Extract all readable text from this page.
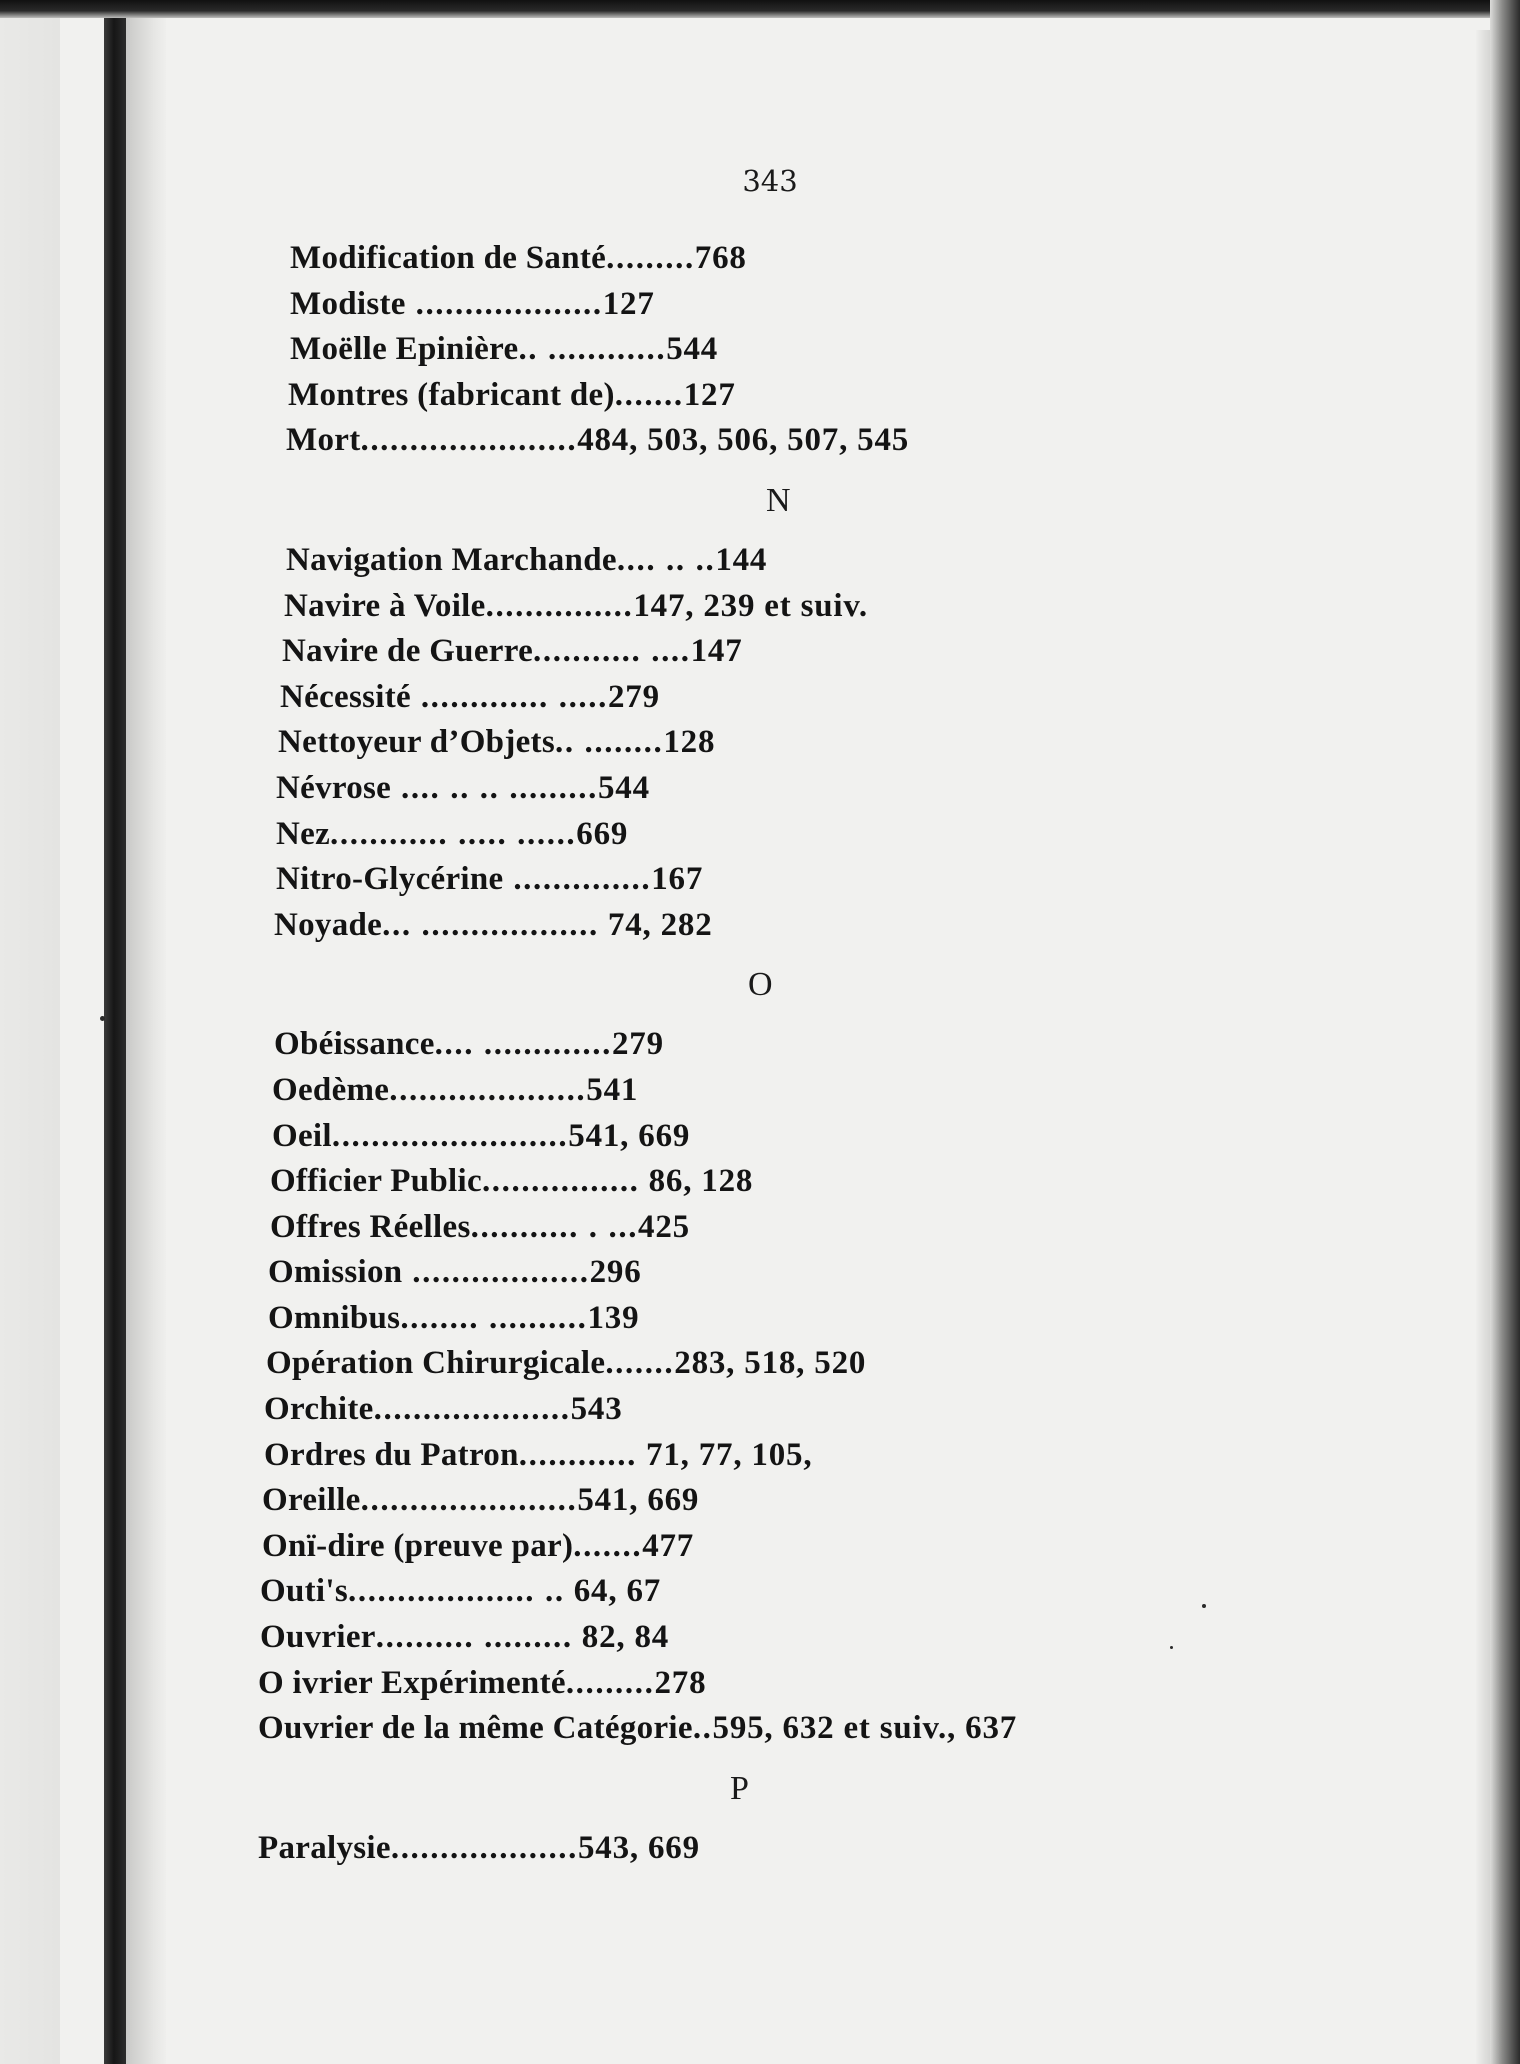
343
Modification de Santé.........768
Modiste ...................127
Moëlle Epinière.. ............544
Montres (fabricant de).......127
Mort......................484, 503, 506, 507, 545
N
Navigation Marchande.... .. ..144
Navire à Voile...............147, 239 et suiv.
Navire de Guerre........... ....147
Nécessité ............. .....279
Nettoyeur d’Objets.. ........128
Névrose .... .. .. .........544
Nez............ ..... ......669
Nitro-Glycérine ..............167
Noyade... .................. 74, 282
O
Obéissance.... .............279
Oedème....................541
Oeil........................541, 669
Officier Public................ 86, 128
Offres Réelles........... . ...425
Omission ..................296
Omnibus........ ..........139
Opération Chirurgicale.......283, 518, 520
Orchite....................543
Ordres du Patron............ 71, 77, 105,
Oreille......................541, 669
Onï-dire (preuve par).......477
Outi's................... .. 64, 67
Ouvrier.......... ......... 82, 84
O ivrier Expérimenté.........278
Ouvrier de la même Catégorie..595, 632 et suiv., 637
P
Paralysie...................543, 669
